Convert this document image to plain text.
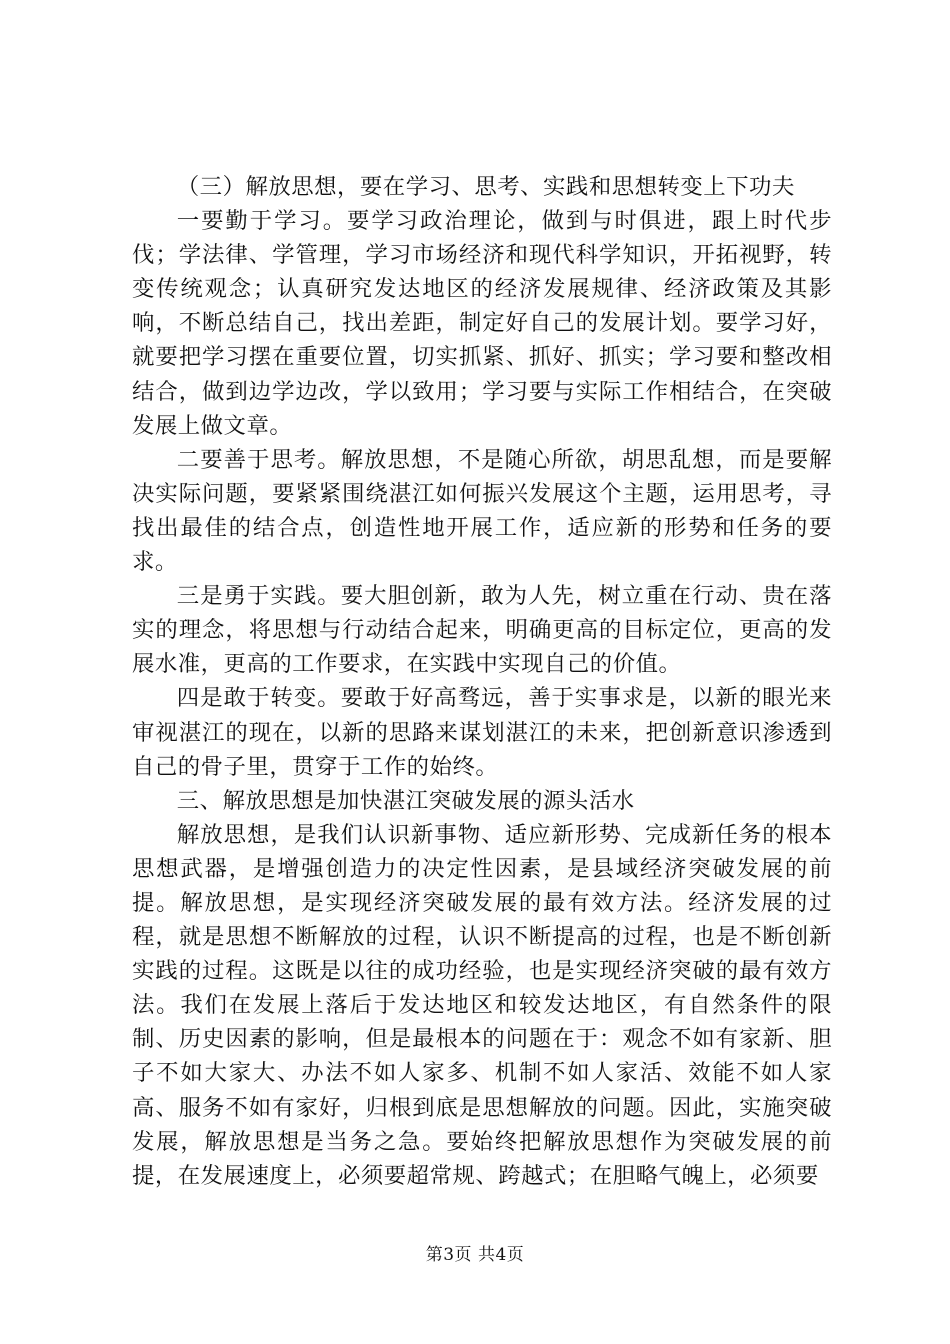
（三）解放思想，要在学习、思考、实践和思想转变上下功夫

一要勤于学习。要学习政治理论，做到与时俱进，跟上时代步伐；学法律、学管理，学习市场经济和现代科学知识，开拓视野，转变传统观念；认真研究发达地区的经济发展规律、经济政策及其影响，不断总结自己，找出差距，制定好自己的发展计划。要学习好，就要把学习摆在重要位置，切实抓紧、抓好、抓实；学习要和整改相结合，做到边学边改，学以致用；学习要与实际工作相结合，在突破发展上做文章。

二要善于思考。解放思想，不是随心所欲，胡思乱想，而是要解决实际问题，要紧紧围绕湛江如何振兴发展这个主题，运用思考，寻找出最佳的结合点，创造性地开展工作，适应新的形势和任务的要求。

三是勇于实践。要大胆创新，敢为人先，树立重在行动、贵在落实的理念，将思想与行动结合起来，明确更高的目标定位，更高的发展水准，更高的工作要求，在实践中实现自己的价值。

四是敢于转变。要敢于好高骛远，善于实事求是，以新的眼光来审视湛江的现在，以新的思路来谋划湛江的未来，把创新意识渗透到自己的骨子里，贯穿于工作的始终。

三、解放思想是加快湛江突破发展的源头活水

解放思想，是我们认识新事物、适应新形势、完成新任务的根本思想武器，是增强创造力的决定性因素，是县域经济突破发展的前提。解放思想，是实现经济突破发展的最有效方法。经济发展的过程，就是思想不断解放的过程，认识不断提高的过程，也是不断创新实践的过程。这既是以往的成功经验，也是实现经济突破的最有效方法。我们在发展上落后于发达地区和较发达地区，有自然条件的限制、历史因素的影响，但是最根本的问题在于：观念不如有家新、胆子不如大家大、办法不如人家多、机制不如人家活、效能不如人家高、服务不如有家好，归根到底是思想解放的问题。因此，实施突破发展，解放思想是当务之急。要始终把解放思想作为突破发展的前提，在发展速度上，必须要超常规、跨越式；在胆略气魄上，必须要

第3页 共4页
